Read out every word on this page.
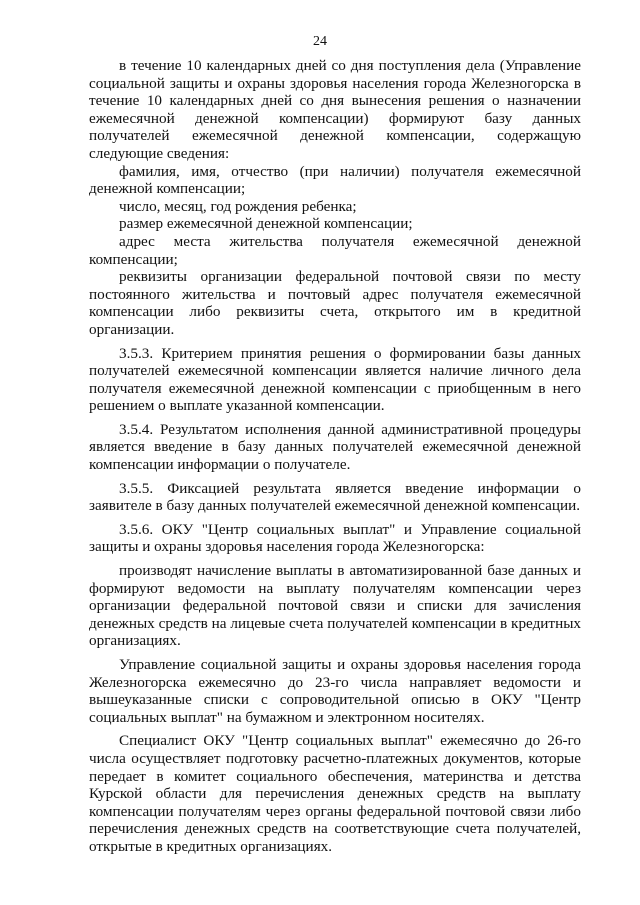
24

в течение 10 календарных дней со дня поступления дела (Управление социальной защиты и охраны здоровья населения города Железногорска в течение 10 календарных дней со дня вынесения решения о назначении ежемесячной денежной компенсации) формируют базу данных получателей ежемесячной денежной компенсации, содержащую следующие сведения:

фамилия, имя, отчество (при наличии) получателя ежемесячной денежной компенсации;

число, месяц, год рождения ребенка;

размер ежемесячной денежной компенсации;

адрес места жительства получателя ежемесячной денежной компенсации;

реквизиты организации федеральной почтовой связи по месту постоянного жительства и почтовый адрес получателя ежемесячной компенсации либо реквизиты счета, открытого им в кредитной организации.

3.5.3. Критерием принятия решения о формировании базы данных получателей ежемесячной компенсации является наличие личного дела получателя ежемесячной денежной компенсации с приобщенным в него решением о выплате указанной компенсации.

3.5.4. Результатом исполнения данной административной процедуры является введение в базу данных получателей ежемесячной денежной компенсации информации о получателе.

3.5.5. Фиксацией результата является введение информации о заявителе в базу данных получателей ежемесячной денежной компенсации.

3.5.6. ОКУ "Центр социальных выплат" и Управление социальной защиты и охраны здоровья населения города Железногорска:

производят начисление выплаты в автоматизированной базе данных и формируют ведомости на выплату получателям компенсации через организации федеральной почтовой связи и списки для зачисления денежных средств на лицевые счета получателей компенсации в кредитных организациях.

Управление социальной защиты и охраны здоровья населения города Железногорска ежемесячно до 23-го числа направляет ведомости и вышеуказанные списки с сопроводительной описью в ОКУ "Центр социальных выплат" на бумажном и электронном носителях.

Специалист ОКУ "Центр социальных выплат" ежемесячно до 26-го числа осуществляет подготовку расчетно-платежных документов, которые передает в комитет социального обеспечения, материнства и детства Курской области для перечисления денежных средств на выплату компенсации получателям через органы федеральной почтовой связи либо перечисления денежных средств на соответствующие счета получателей, открытые в кредитных организациях.
